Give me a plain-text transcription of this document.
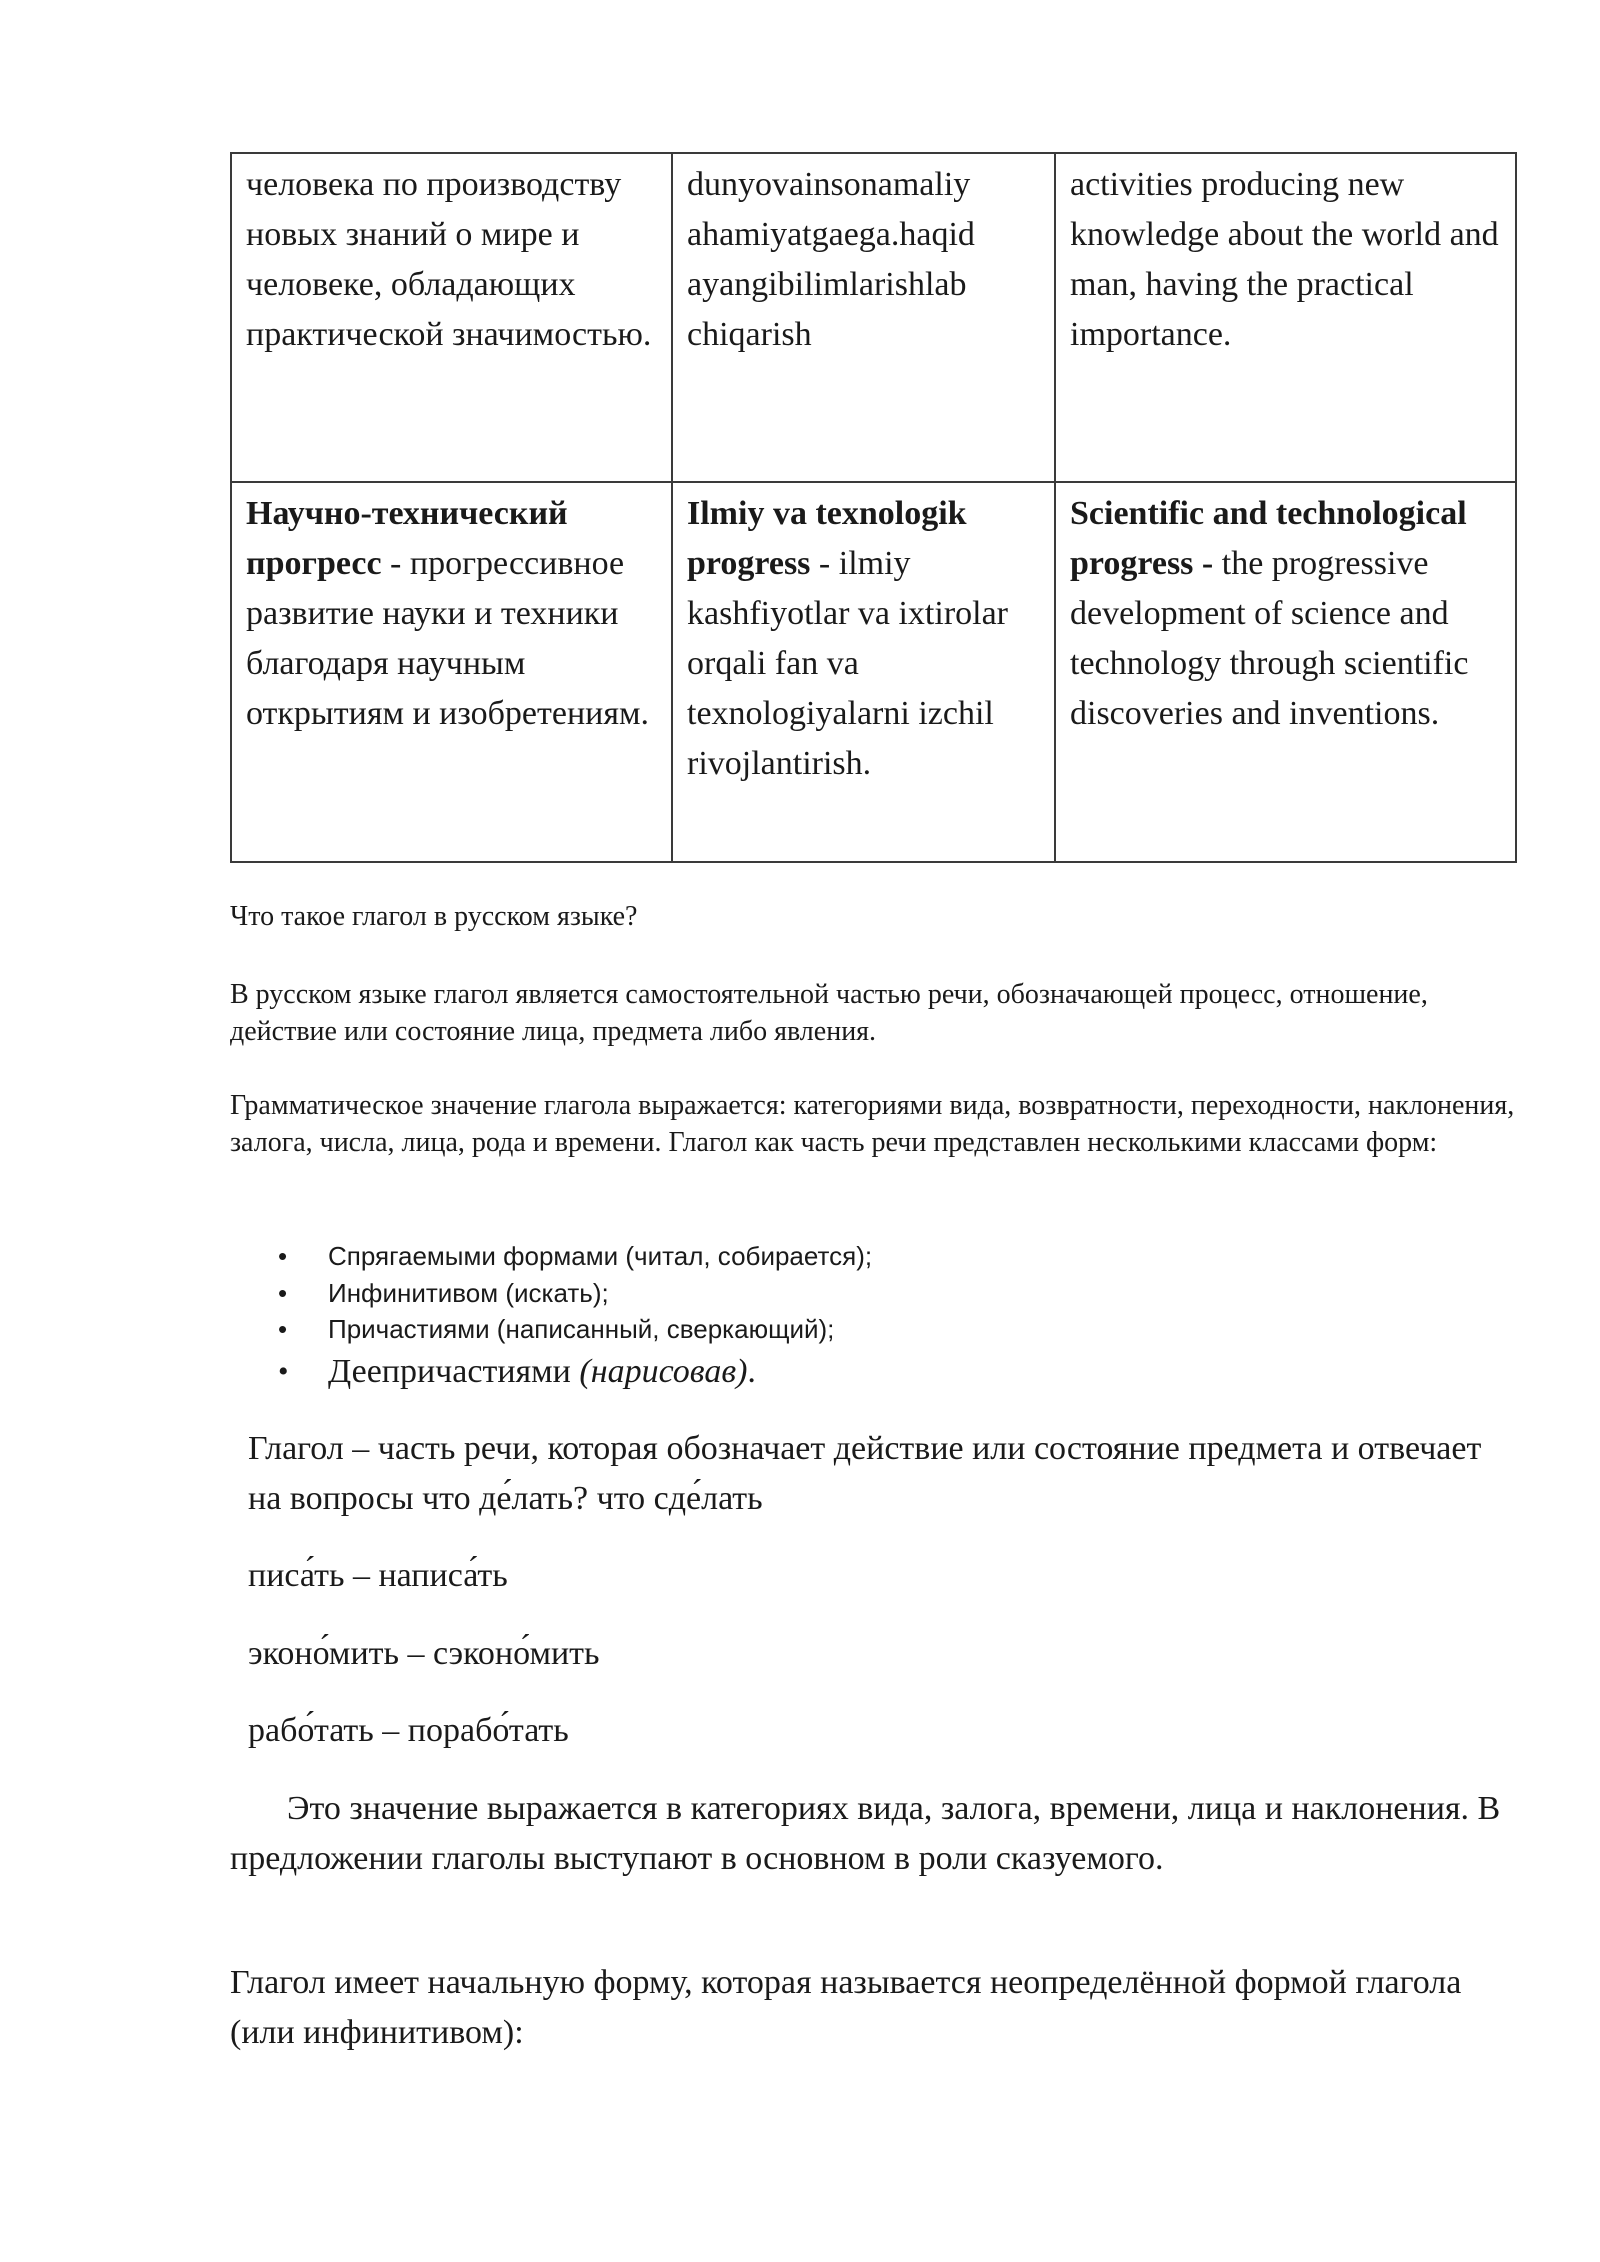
человека по производству новых знаний о мире и человеке, обладающих практической значимостью.	dunyovainsonamaliy ahamiyatgaega.haqid ayangibilimlarishlab chiqarish	activities producing new knowledge about the world and man, having the practical importance.
Научно-технический прогресс - прогрессивное развитие науки и техники благодаря научным открытиям и изобретениям.	Ilmiy va texnologik progress - ilmiy kashfiyotlar va ixtirolar orqali fan va texnologiyalarni izchil rivojlantirish.	Scientific and technological progress - the progressive development of science and technology through scientific discoveries and inventions.
Что такое глагол в русском языке?
В русском языке глагол является самостоятельной частью речи, обозначающей процесс, отношение, действие или состояние лица, предмета либо явления.
Грамматическое значение глагола выражается: категориями вида, возвратности, переходности, наклонения, залога, числа, лица, рода и времени. Глагол как часть речи представлен несколькими классами форм:
• Спрягаемыми формами (читал, собирается);
• Инфинитивом (искать);
• Причастиями (написанный, сверкающий);
• Деепричастиями (нарисовав).
Глагол – часть речи, которая обозначает действие или состояние предмета и отвечает на вопросы что де́лать? что сде́лать
писа́ть – написа́ть
эконо́мить – сэконо́мить
рабо́тать – порабо́тать
Это значение выражается в категориях вида, залога, времени, лица и наклонения. В предложении глаголы выступают в основном в роли сказуемого.
Глагол имеет начальную форму, которая называется неопределённой формой глагола (или инфинитивом):
